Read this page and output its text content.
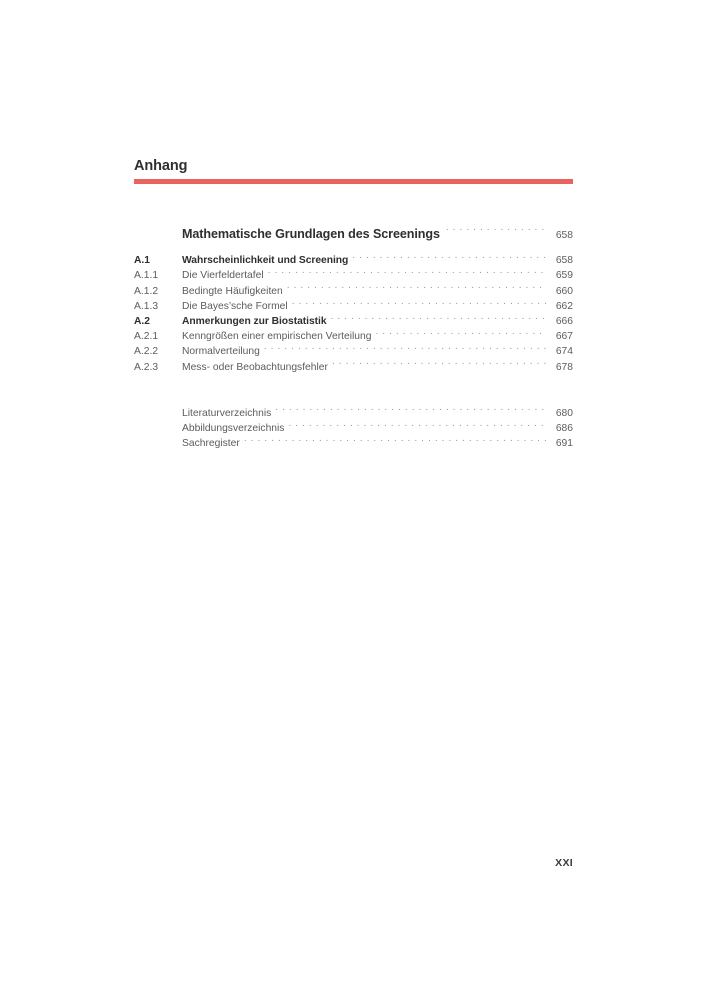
Anhang
Mathematische Grundlagen des Screenings . . .	658
A.1	Wahrscheinlichkeit und Screening . . .	658
A.1.1	Die Vierfeldertafel . . .	659
A.1.2	Bedingte Häufigkeiten . . .	660
A.1.3	Die Bayes’sche Formel . . .	662
A.2	Anmerkungen zur Biostatistik . . .	666
A.2.1	Kenngrößen einer empirischen Verteilung . . .	667
A.2.2	Normalverteilung . . .	674
A.2.3	Mess- oder Beobachtungsfehler . . .	678
Literaturverzeichnis . . .	680
Abbildungsverzeichnis . . .	686
Sachregister . . .	691
XXI
